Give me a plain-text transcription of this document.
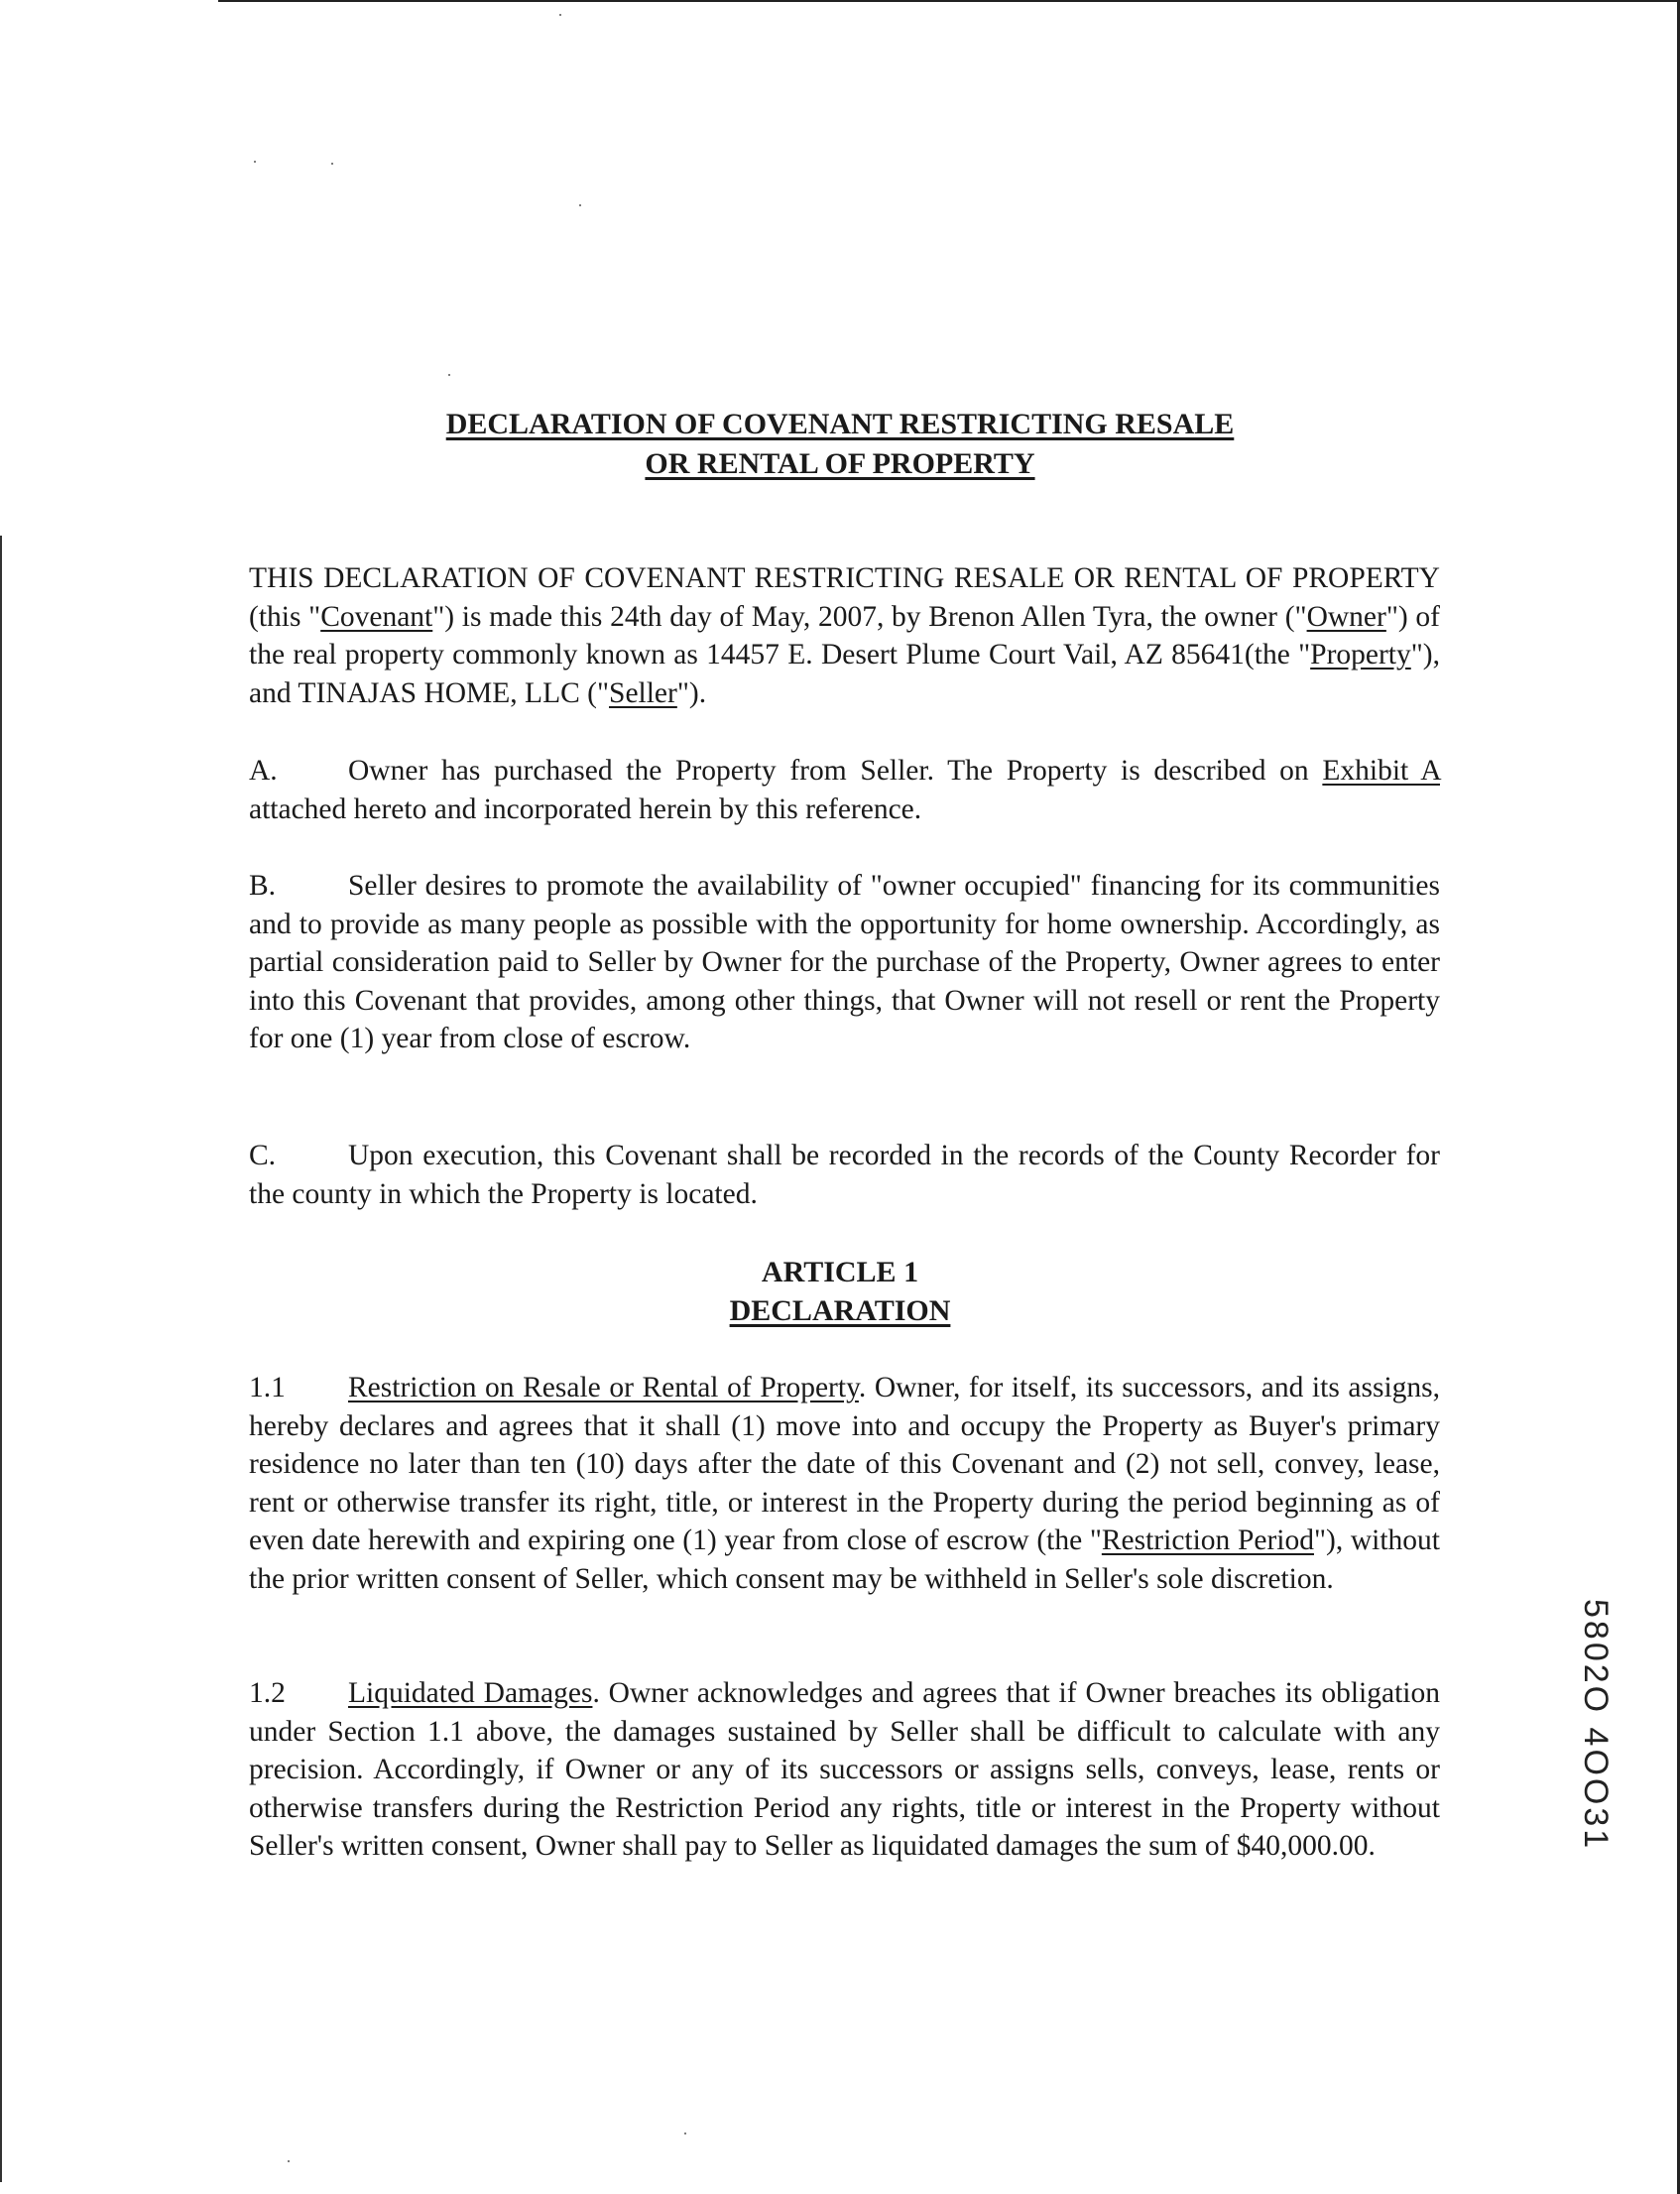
DECLARATION OF COVENANT RESTRICTING RESALE
OR RENTAL OF PROPERTY

THIS DECLARATION OF COVENANT RESTRICTING RESALE OR RENTAL OF PROPERTY (this "Covenant") is made this 24th day of May, 2007, by Brenon Allen Tyra, the owner ("Owner") of the real property commonly known as 14457 E. Desert Plume Court Vail, AZ 85641(the "Property"), and TINAJAS HOME, LLC ("Seller").

A. Owner has purchased the Property from Seller. The Property is described on Exhibit A attached hereto and incorporated herein by this reference.

B. Seller desires to promote the availability of "owner occupied" financing for its communities and to provide as many people as possible with the opportunity for home ownership. Accordingly, as partial consideration paid to Seller by Owner for the purchase of the Property, Owner agrees to enter into this Covenant that provides, among other things, that Owner will not resell or rent the Property for one (1) year from close of escrow.

C. Upon execution, this Covenant shall be recorded in the records of the County Recorder for the county in which the Property is located.

ARTICLE 1
DECLARATION

1.1 Restriction on Resale or Rental of Property. Owner, for itself, its successors, and its assigns, hereby declares and agrees that it shall (1) move into and occupy the Property as Buyer's primary residence no later than ten (10) days after the date of this Covenant and (2) not sell, convey, lease, rent or otherwise transfer its right, title, or interest in the Property during the period beginning as of even date herewith and expiring one (1) year from close of escrow (the "Restriction Period"), without the prior written consent of Seller, which consent may be withheld in Seller's sole discretion.

1.2 Liquidated Damages. Owner acknowledges and agrees that if Owner breaches its obligation under Section 1.1 above, the damages sustained by Seller shall be difficult to calculate with any precision. Accordingly, if Owner or any of its successors or assigns sells, conveys, lease, rents or otherwise transfers during the Restriction Period any rights, title or interest in the Property without Seller's written consent, Owner shall pay to Seller as liquidated damages the sum of $40,000.00.	5802O 4OO31
